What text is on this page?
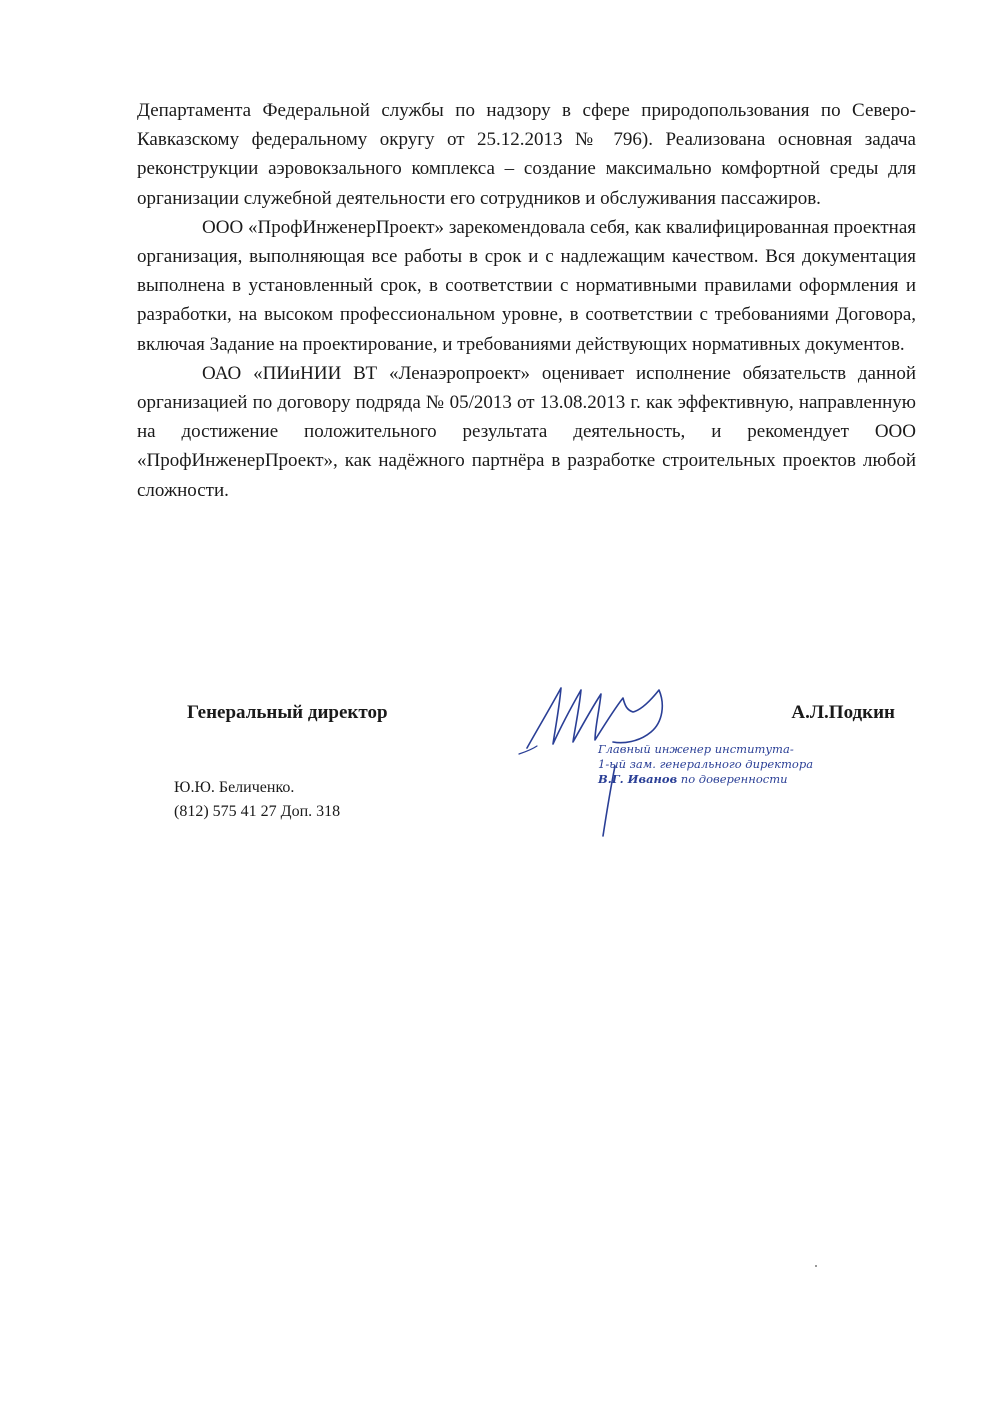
Департамента Федеральной службы по надзору в сфере природопользования по Северо-Кавказскому федеральному округу от 25.12.2013 № 796). Реализована основная задача реконструкции аэровокзального комплекса – создание максимально комфортной среды для организации служебной деятельности его сотрудников и обслуживания пассажиров.

ООО «ПрофИнженерПроект» зарекомендовала себя, как квалифицированная проектная организация, выполняющая все работы в срок и с надлежащим качеством. Вся документация выполнена в установленный срок, в соответствии с нормативными правилами оформления и разработки, на высоком профессиональном уровне, в соответствии с требованиями Договора, включая Задание на проектирование, и требованиями действующих нормативных документов.

ОАО «ПИиНИИ ВТ «Ленаэропроект» оценивает исполнение обязательств данной организацией по договору подряда № 05/2013 от 13.08.2013 г. как эффективную, направленную на достижение положительного результата деятельность, и рекомендует ООО «ПрофИнженерПроект», как надёжного партнёра в разработке строительных проектов любой сложности.

Генеральный директор
Главный инженер института-
1-ый зам. генерального директора
В.Г. Иванов по доверенности
А.Л.Подкин
Ю.Ю. Беличенко.
(812) 575 41 27 Доп. 318
